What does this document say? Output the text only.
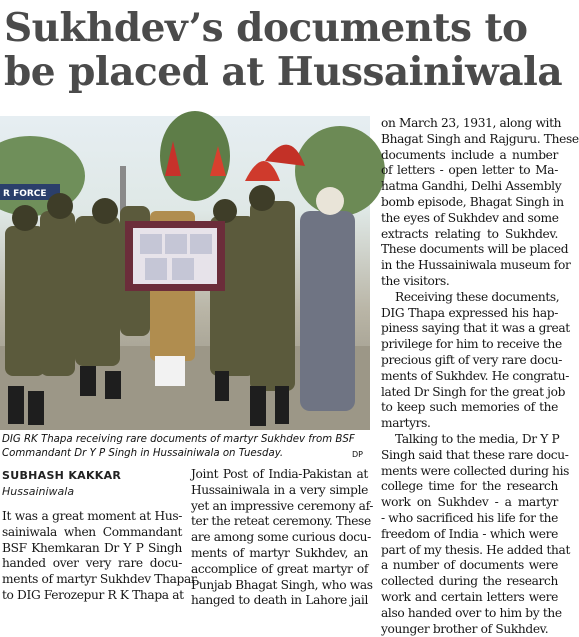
Sukhdev’s documents to
be placed at Hussainiwala
R FORCE
DIG RK Thapa receiving rare documents of martyr Sukhdev from BSF
Commandant Dr Y P Singh in Hussainiwala on Tuesday.	DP
SUBHASH KAKKAR
Hussainiwala
It was a great moment at Hus-
sainiwala when Commandant
BSF Khemkaran Dr Y P Singh
handed over very rare docu-
ments of martyr Sukhdev Thapar
to DIG Ferozepur R K Thapa at
Joint Post of India-Pakistan at
Hussainiwala in a very simple
yet an impressive ceremony af-
ter the reteat ceremony. These
are among some curious docu-
ments of martyr Sukhdev, an
accomplice of great martyr of
Punjab Bhagat Singh, who was
hanged to death in Lahore jail

on March 23, 1931, along with
Bhagat Singh and Rajguru. These
documents include a number
of letters - open letter to Ma-
hatma Gandhi, Delhi Assembly
bomb episode, Bhagat Singh in
the eyes of Sukhdev and some
extracts relating to Sukhdev.
These documents will be placed
in the Hussainiwala museum for
the visitors.

Receiving these documents,
DIG Thapa expressed his hap-
piness saying that it was a great
privilege for him to receive the
precious gift of very rare docu-
ments of Sukhdev. He congratu-
lated Dr Singh for the great job
to keep such memories of the
martyrs.

Talking to the media, Dr Y P
Singh said that these rare docu-
ments were collected during his
college time for the research
work on Sukhdev - a martyr
- who sacrificed his life for the
freedom of India - which were
part of my thesis. He added that
a number of documents were
collected during the research
work and certain letters were
also handed over to him by the
younger brother of Sukhdev.
